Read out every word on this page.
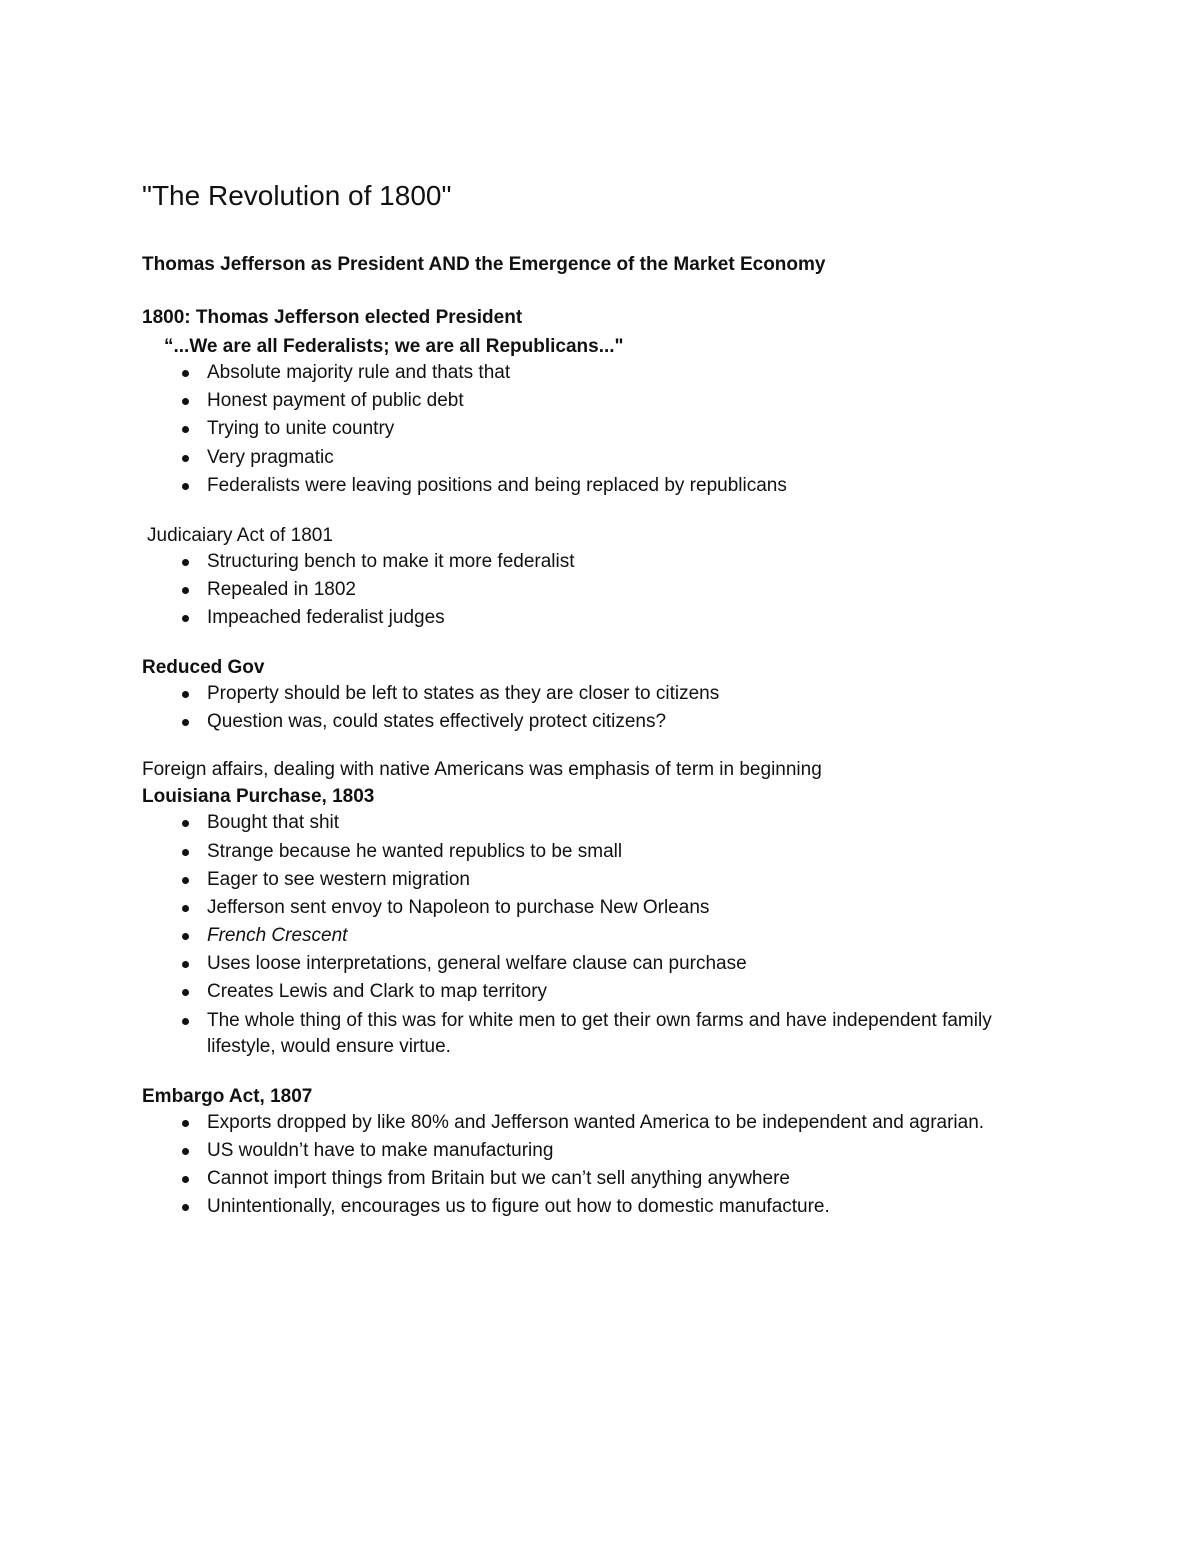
"The Revolution of 1800"

Thomas Jefferson as President AND the Emergence of the Market Economy

1800: Thomas Jefferson elected President

“...We are all Federalists; we are all Republicans..."

Absolute majority rule and thats that
Honest payment of public debt
Trying to unite country
Very pragmatic
Federalists were leaving positions and being replaced by republicans

Judicaiary Act of 1801

Structuring bench to make it more federalist
Repealed in 1802
Impeached federalist judges

Reduced Gov

Property should be left to states as they are closer to citizens
Question was, could states effectively protect citizens?

Foreign affairs, dealing with native Americans was emphasis of term in beginning

Louisiana Purchase, 1803

Bought that shit
Strange because he wanted republics to be small
Eager to see western migration
Jefferson sent envoy to Napoleon to purchase New Orleans
French Crescent
Uses loose interpretations, general welfare clause can purchase
Creates Lewis and Clark to map territory
The whole thing of this was for white men to get their own farms and have independent family lifestyle, would ensure virtue.

Embargo Act, 1807

Exports dropped by like 80% and Jefferson wanted America to be independent and agrarian.
US wouldn’t have to make manufacturing
Cannot import things from Britain but we can’t sell anything anywhere
Unintentionally, encourages us to figure out how to domestic manufacture.
